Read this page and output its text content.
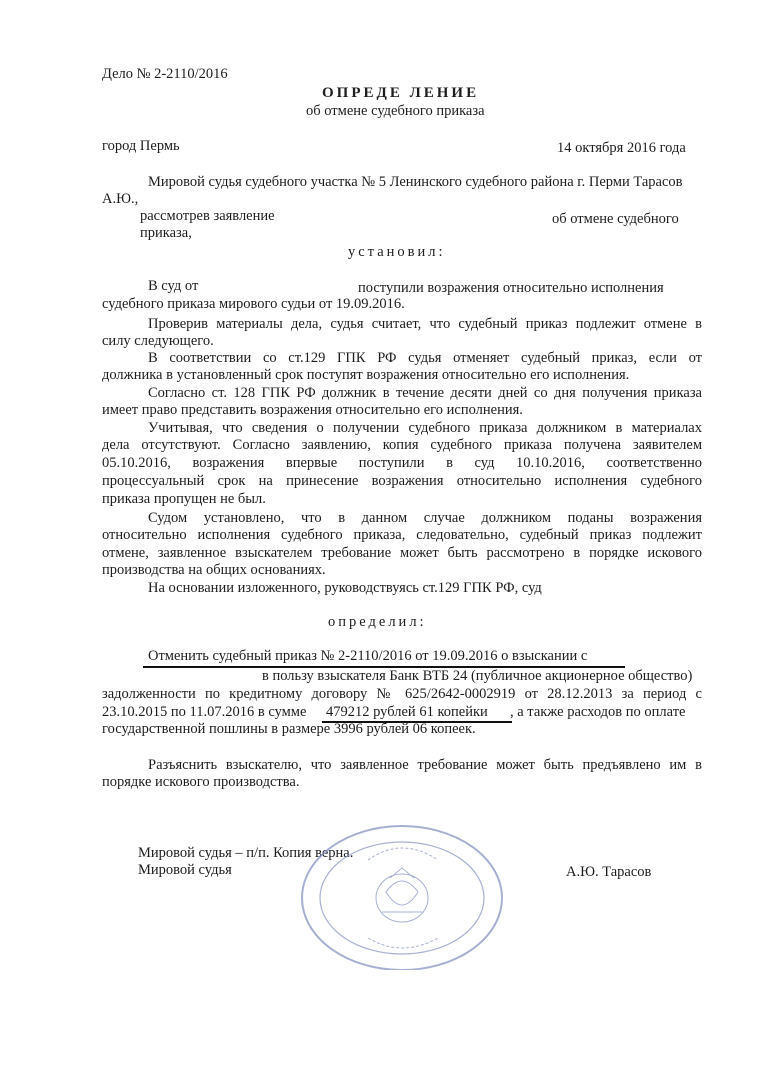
Дело № 2-2110/2016
ОПРЕДЕ ЛЕНИЕ
об отмене судебного приказа
город Пермь	14 октября 2016 года
Мировой судья судебного участка № 5 Ленинского судебного района г. Перми Тарасов
А.Ю.,
рассмотрев заявление	об отмене судебного
приказа,
установил:
В суд от	поступили возражения относительно исполнения
судебного приказа мирового судьи от 19.09.2016.
Проверив материалы дела, судья считает, что судебный приказ подлежит отмене в
силу следующего.
В соответствии со ст.129 ГПК РФ судья отменяет судебный приказ, если от
должника в установленный срок поступят возражения относительно его исполнения.
Согласно ст. 128 ГПК РФ должник в течение десяти дней со дня получения приказа
имеет право представить возражения относительно его исполнения.
Учитывая, что сведения о получении судебного приказа должником в материалах
дела отсутствуют. Согласно заявлению, копия судебного приказа получена заявителем
05.10.2016, возражения впервые поступили в суд 10.10.2016, соответственно
процессуальный срок на принесение возражения относительно исполнения судебного
приказа пропущен не был.
Судом установлено, что в данном случае должником поданы возражения
относительно исполнения судебного приказа, следовательно, судебный приказ подлежит
отмене, заявленное взыскателем требование может быть рассмотрено в порядке искового
производства на общих основаниях.
На основании изложенного, руководствуясь ст.129 ГПК РФ, суд
определил:
Отменить судебный приказ № 2-2110/2016 от 19.09.2016 о взыскании с
в пользу взыскателя Банк ВТБ 24 (публичное акционерное общество)
задолженности по кредитному договору № 625/2642-0002919 от 28.12.2013 за период с
23.10.2015 по 11.07.2016 в сумме 479212 рублей 61 копейки , а также расходов по оплате
государственной пошлины в размере 3996 рублей 06 копеек.
Разъяснить взыскателю, что заявленное требование может быть предъявлено им в
порядке искового производства.
Мировой судья – п/п. Копия верна.
Мировой судья	А.Ю. Тарасов
